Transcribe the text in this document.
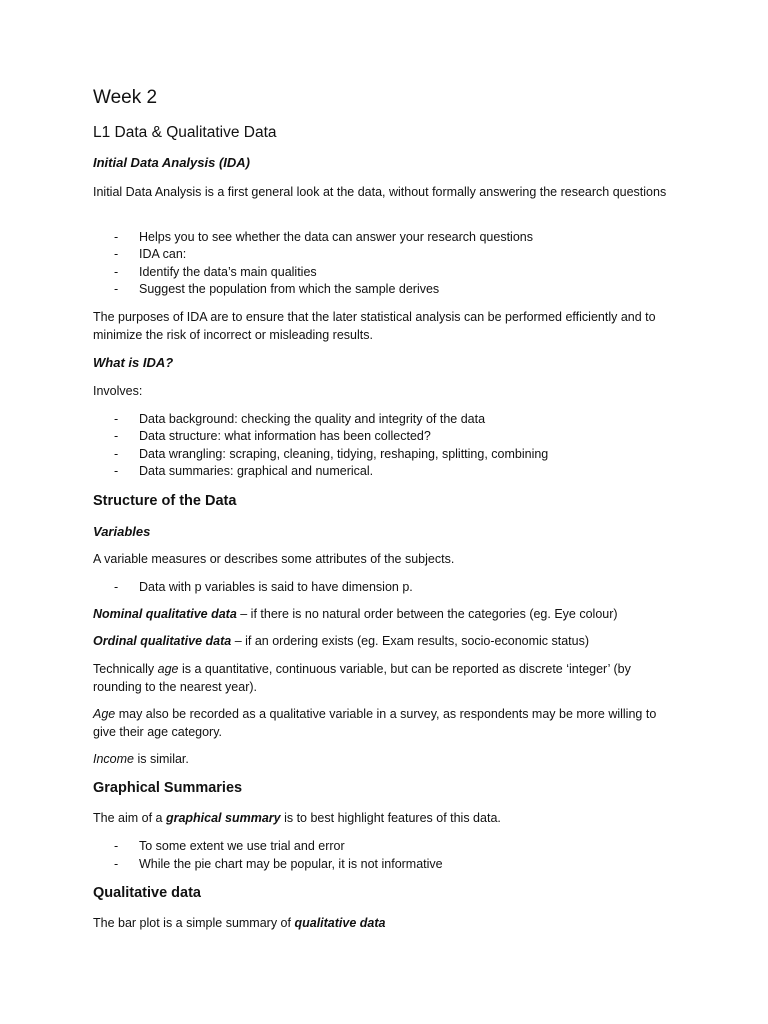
Week 2
L1 Data & Qualitative Data
Initial Data Analysis (IDA)
Initial Data Analysis is a first general look at the data, without formally answering the research questions
- Helps you to see whether the data can answer your research questions
- IDA can:
- Identify the data’s main qualities
- Suggest the population from which the sample derives
The purposes of IDA are to ensure that the later statistical analysis can be performed efficiently and to minimize the risk of incorrect or misleading results.
What is IDA?
Involves:
- Data background: checking the quality and integrity of the data
- Data structure: what information has been collected?
- Data wrangling: scraping, cleaning, tidying, reshaping, splitting, combining
- Data summaries: graphical and numerical.
Structure of the Data
Variables
A variable measures or describes some attributes of the subjects.
- Data with p variables is said to have dimension p.
Nominal qualitative data – if there is no natural order between the categories (eg. Eye colour)
Ordinal qualitative data – if an ordering exists (eg. Exam results, socio-economic status)
Technically age is a quantitative, continuous variable, but can be reported as discrete ‘integer’ (by rounding to the nearest year).
Age may also be recorded as a qualitative variable in a survey, as respondents may be more willing to give their age category.
Income is similar.
Graphical Summaries
The aim of a graphical summary is to best highlight features of this data.
- To some extent we use trial and error
- While the pie chart may be popular, it is not informative
Qualitative data
The bar plot is a simple summary of qualitative data
